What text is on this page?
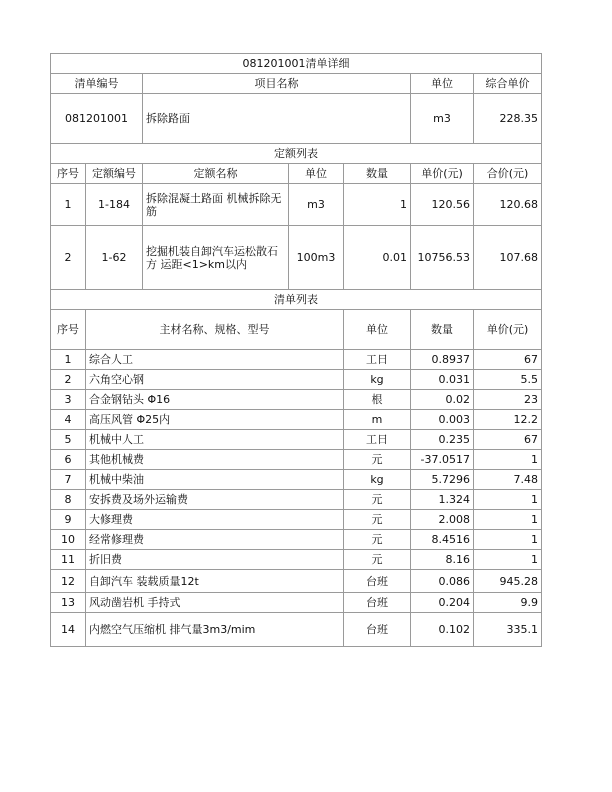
081201001清单详细							
清单编号		项目名称			单位	综合单价	
081201001		拆除路面			m3	228.35	
定额列表							
序号	定额编号	定额名称	单位	数量	单价(元)	合价(元)	
1	1-184	拆除混凝土路面 机械拆除无筋	m3	1	120.56	120.68	
2	1-62	挖掘机装自卸汽车运松散石方 运距<1>km以内	100m3	0.01	10756.53	107.68	
清单列表							
序号	主材名称、规格、型号			单位	数量	单价(元)	
1	综合人工			工日	0.8937	67	
2	六角空心钢			kg	0.031	5.5	
3	合金钢钻头 Φ16			根	0.02	23	
4	高压风管 Φ25内			m	0.003	12.2	
5	机械中人工			工日	0.235	67	
6	其他机械费			元	-37.0517	1	
7	机械中柴油			kg	5.7296	7.48	
8	安拆费及场外运输费			元	1.324	1	
9	大修理费			元	2.008	1	
10	经常修理费			元	8.4516	1	
11	折旧费			元	8.16	1	
12	自卸汽车 装载质量12t			台班	0.086	945.28	
13	风动凿岩机 手持式			台班	0.204	9.9	
14	内燃空气压缩机 排气量3m3/mim			台班	0.102	335.1	
